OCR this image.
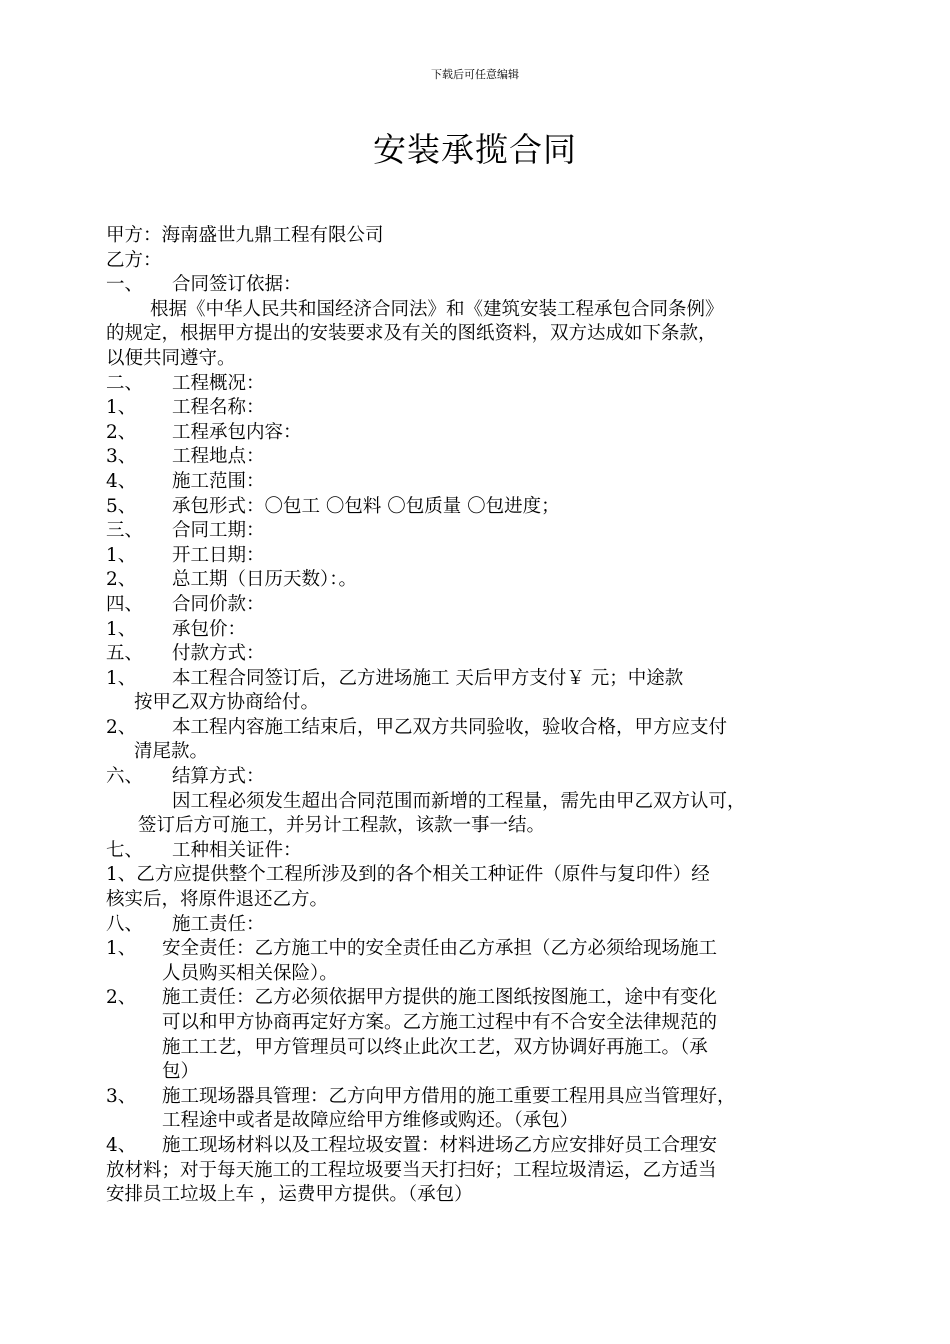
下载后可任意编辑
安装承揽合同
甲方：海南盛世九鼎工程有限公司
乙方：
一、 合同签订依据：
根据《中华人民共和国经济合同法》和《建筑安装工程承包合同条例》
的规定，根据甲方提出的安装要求及有关的图纸资料，双方达成如下条款，
以便共同遵守。
二、 工程概况：
1、 工程名称：
2、 工程承包内容：
3、 工程地点：
4、 施工范围：
5、 承包形式：〇包工 〇包料 〇包质量 〇包进度；
三、 合同工期：
1、 开工日期：
2、 总工期（日历天数）：。
四、 合同价款：
1、 承包价：
五、 付款方式：
1、 本工程合同签订后，乙方进场施工 天后甲方支付￥ 元；中途款
按甲乙双方协商给付。
2、 本工程内容施工结束后，甲乙双方共同验收，验收合格，甲方应支付
清尾款。
六、 结算方式：
因工程必须发生超出合同范围而新增的工程量，需先由甲乙双方认可，
签订后方可施工，并另计工程款，该款一事一结。
七、 工种相关证件：
1、乙方应提供整个工程所涉及到的各个相关工种证件（原件与复印件）经
核实后，将原件退还乙方。
八、 施工责任：
1、 安全责任：乙方施工中的安全责任由乙方承担（乙方必须给现场施工
人员购买相关保险）。
2、 施工责任：乙方必须依据甲方提供的施工图纸按图施工，途中有变化
可以和甲方协商再定好方案。乙方施工过程中有不合安全法律规范的
施工工艺，甲方管理员可以终止此次工艺，双方协调好再施工。（承
包）
3、 施工现场器具管理：乙方向甲方借用的施工重要工程用具应当管理好，
工程途中或者是故障应给甲方维修或购还。（承包）
4、 施工现场材料以及工程垃圾安置：材料进场乙方应安排好员工合理安
放材料；对于每天施工的工程垃圾要当天打扫好；工程垃圾清运，乙方适当
安排员工垃圾上车 ，运费甲方提供。（承包）
